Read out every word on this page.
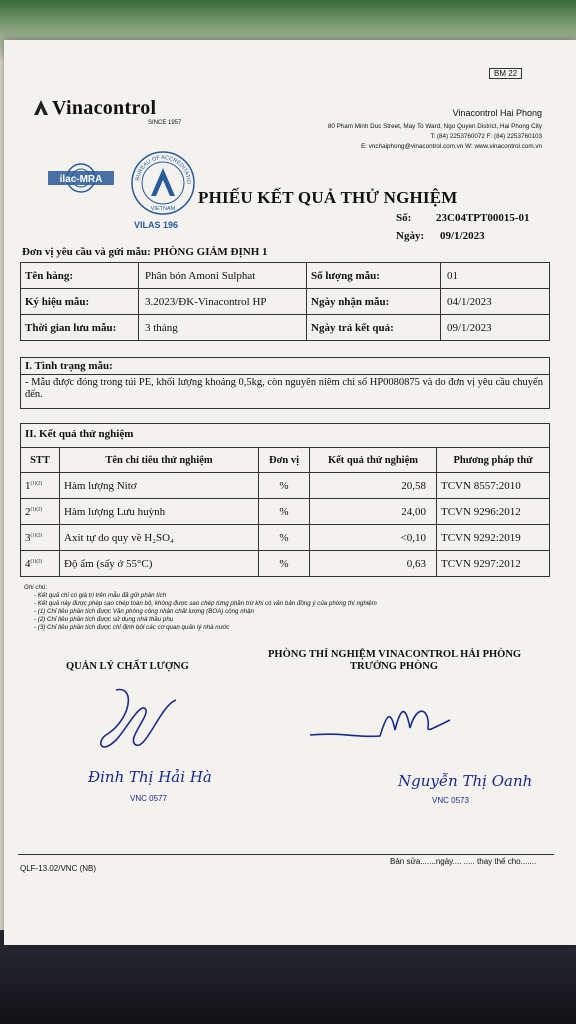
BM 22
Vinacontrol
SINCE 1957
Vinacontrol Hai Phong
80 Pham Minh Duc Street, May To Ward, Ngo Quyen District, Hai Phong City
T: (84) 2253760072 F: (84) 2253760103
E: vnchaiphong@vinacontrol.com.vn W: www.vinacontrol.com.vn
ilac-MRA	BUREAU OF ACCREDITATIO
VIETNAM
VILAS 196
PHIẾU KẾT QUẢ THỬ NGHIỆM
Số: 23C04TPT00015-01
Ngày: 09/1/2023
Đơn vị yêu cầu và gửi mẫu: PHÒNG GIÁM ĐỊNH 1
Tên hàng:	Phân bón Amoni Sulphat	Số lượng mẫu:	01
Ký hiệu mẫu:	3.2023/ĐK-Vinacontrol HP	Ngày nhận mẫu:	04/1/2023
Thời gian lưu mẫu:	3 tháng	Ngày trả kết quả:	09/1/2023
I. Tình trạng mẫu:
- Mẫu được đóng trong túi PE, khối lượng khoảng 0,5kg, còn nguyên niêm chì số HP0080875 và do đơn vị yêu cầu chuyển đến.
II. Kết quả thử nghiệm
STT	Tên chỉ tiêu thử nghiệm	Đơn vị	Kết quả thử nghiệm	Phương pháp thử
$1^{(1)(2)}$	Hàm lượng Nitơ	%	20,58	TCVN 8557:2010
$2^{(1)(2)}$	Hàm lượng Lưu huỳnh	%	24,00	TCVN 9296:2012
$3^{(1)(2)}$	Axit tự do quy về H₂SO₄	%	<0,10	TCVN 9292:2019
$4^{(1)(2)}$	Độ ẩm (sấy ở 55°C)	%	0,63	TCVN 9297:2012
Ghi chú:
- Kết quả chỉ có giá trị trên mẫu đã gửi phân tích
- Kết quả này được phép sao chép toàn bộ, không được sao chép từng phần trừ khi có văn bản đồng ý của phòng thí nghiệm
- (1) Chỉ tiêu phân tích được Văn phòng công nhận chất lượng (BOA) công nhận
- (2) Chỉ tiêu phân tích được sử dụng nhà thầu phụ
- (3) Chỉ tiêu phân tích được chỉ định bởi các cơ quan quản lý nhà nước
QUẢN LÝ CHẤT LƯỢNG
PHÒNG THÍ NGHIỆM VINACONTROL HẢI PHÒNG
TRƯỞNG PHÒNG
Đinh Thị Hải Hà
VNC 0577
Nguyễn Thị Oanh
VNC 0573
Bản sửa.......ngày.... ..... thay thế cho.......
QLF-13.02/VNC (NB)
